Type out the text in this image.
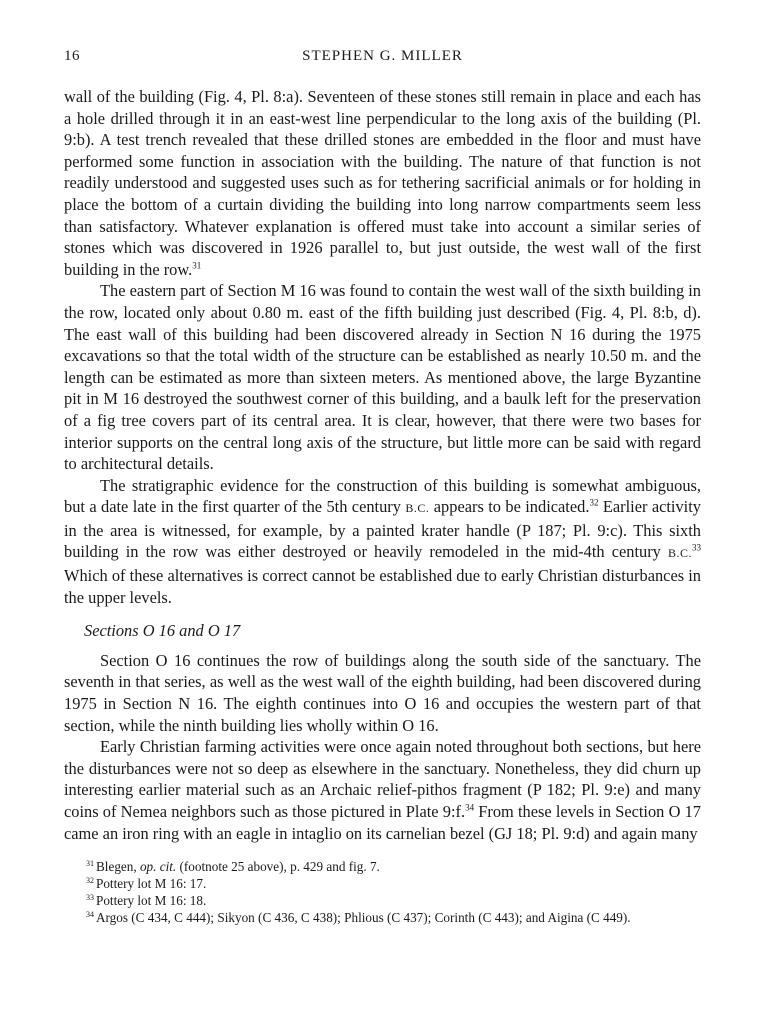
16	STEPHEN G. MILLER

wall of the building (Fig. 4, Pl. 8:a). Seventeen of these stones still remain in place and each has a hole drilled through it in an east-west line perpendicular to the long axis of the building (Pl. 9:b). A test trench revealed that these drilled stones are embedded in the floor and must have performed some function in association with the building. The nature of that function is not readily understood and suggested uses such as for tethering sacrificial animals or for holding in place the bottom of a curtain dividing the building into long narrow compartments seem less than satisfactory. Whatever explanation is offered must take into account a similar series of stones which was discovered in 1926 parallel to, but just outside, the west wall of the first building in the row.$^{31}$

The eastern part of Section M 16 was found to contain the west wall of the sixth building in the row, located only about 0.80 m. east of the fifth building just described (Fig. 4, Pl. 8:b, d). The east wall of this building had been discovered already in Section N 16 during the 1975 excavations so that the total width of the structure can be established as nearly 10.50 m. and the length can be estimated as more than sixteen meters. As mentioned above, the large Byzantine pit in M 16 destroyed the southwest corner of this building, and a baulk left for the preservation of a fig tree covers part of its central area. It is clear, however, that there were two bases for interior supports on the central long axis of the structure, but little more can be said with regard to architectural details.

The stratigraphic evidence for the construction of this building is somewhat ambiguous, but a date late in the first quarter of the 5th century B.C. appears to be indicated.$^{32}$ Earlier activity in the area is witnessed, for example, by a painted krater handle (P 187; Pl. 9:c). This sixth building in the row was either destroyed or heavily remodeled in the mid-4th century B.C.$^{33}$ Which of these alternatives is correct cannot be established due to early Christian disturbances in the upper levels.

Sections O 16 and O 17

Section O 16 continues the row of buildings along the south side of the sanctuary. The seventh in that series, as well as the west wall of the eighth building, had been discovered during 1975 in Section N 16. The eighth continues into O 16 and occupies the western part of that section, while the ninth building lies wholly within O 16.

Early Christian farming activities were once again noted throughout both sections, but here the disturbances were not so deep as elsewhere in the sanctuary. Nonetheless, they did churn up interesting earlier material such as an Archaic relief-pithos fragment (P 182; Pl. 9:e) and many coins of Nemea neighbors such as those pictured in Plate 9:f.$^{34}$ From these levels in Section O 17 came an iron ring with an eagle in intaglio on its carnelian bezel (GJ 18; Pl. 9:d) and again many

$^{31}$ Blegen, op. cit. (footnote 25 above), p. 429 and fig. 7.

$^{32}$ Pottery lot M 16: 17.

$^{33}$ Pottery lot M 16: 18.

$^{34}$ Argos (C 434, C 444); Sikyon (C 436, C 438); Phlious (C 437); Corinth (C 443); and Aigina (C 449).
